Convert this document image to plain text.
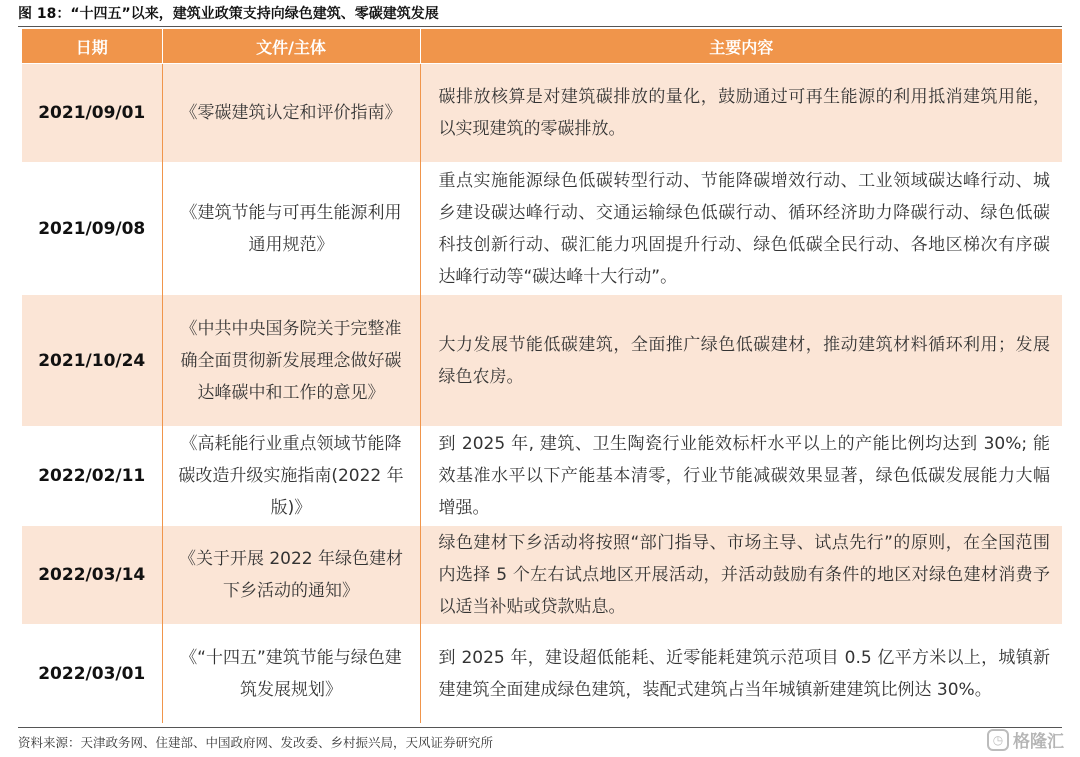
图 18：“十四五”以来，建筑业政策支持向绿色建筑、零碳建筑发展
日期	文件/主体	主要内容
2021/09/01	《零碳建筑认定和评价指南》	碳排放核算是对建筑碳排放的量化，鼓励通过可再生能源的利用抵消建筑用能，以实现建筑的零碳排放。
2021/09/08	《建筑节能与可再生能源利用通用规范》	重点实施能源绿色低碳转型行动、节能降碳增效行动、工业领域碳达峰行动、城乡建设碳达峰行动、交通运输绿色低碳行动、循环经济助力降碳行动、绿色低碳科技创新行动、碳汇能力巩固提升行动、绿色低碳全民行动、各地区梯次有序碳达峰行动等“碳达峰十大行动”。
2021/10/24	《中共中央国务院关于完整准确全面贯彻新发展理念做好碳达峰碳中和工作的意见》	大力发展节能低碳建筑，全面推广绿色低碳建材，推动建筑材料循环利用；发展绿色农房。
2022/02/11	《高耗能行业重点领域节能降碳改造升级实施指南(2022 年版)》	到 2025 年, 建筑、卫生陶瓷行业能效标杆水平以上的产能比例均达到 30%; 能效基准水平以下产能基本清零，行业节能减碳效果显著，绿色低碳发展能力大幅增强。
2022/03/14	《关于开展 2022 年绿色建材下乡活动的通知》	绿色建材下乡活动将按照“部门指导、市场主导、试点先行”的原则，在全国范围内选择 5 个左右试点地区开展活动，并活动鼓励有条件的地区对绿色建材消费予以适当补贴或贷款贴息。
2022/03/01	《“十四五”建筑节能与绿色建筑发展规划》	到 2025 年，建设超低能耗、近零能耗建筑示范项目 0.5 亿平方米以上，城镇新建建筑全面建成绿色建筑，装配式建筑占当年城镇新建建筑比例达 30%。
资料来源：天津政务网、住建部、中国政府网、发改委、乡村振兴局，天风证券研究所	◷ 格隆汇
